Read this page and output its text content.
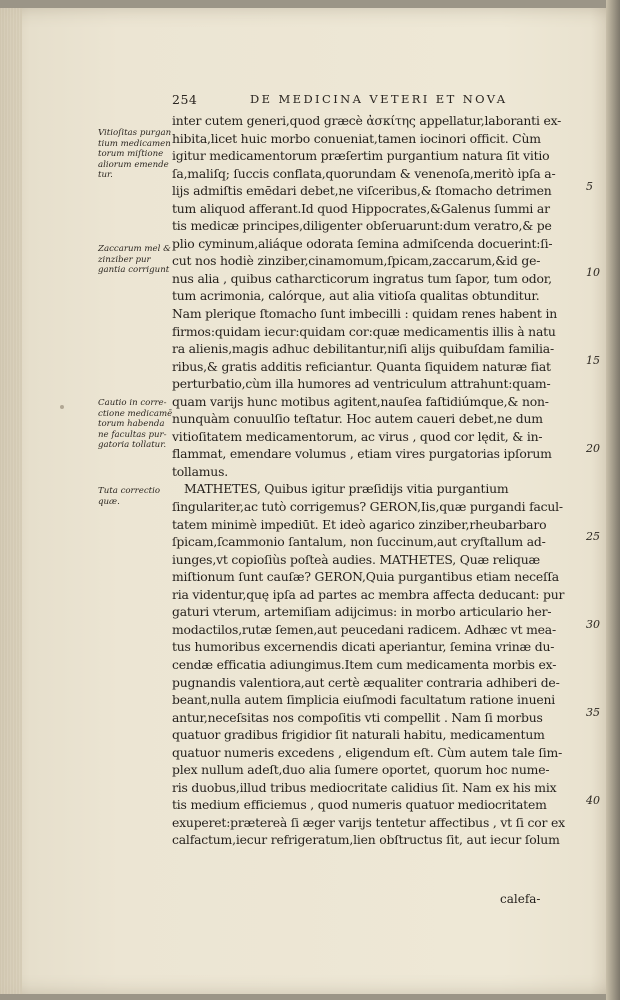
254	DE MEDICINA VETERI ET NOVA
inter cutem generi,quod græcè ἀσκίτης appellatur,laboranti ex-
hibita,licet huic morbo conueniat,tamen iocinori officit. Cùm
igitur medicamentorum præſertim purgantium natura ſit vitio
ſa,maliſq; ſuccis conflata,quorundam & venenoſa,meritò ipſa a-
lijs admiſtis emēdari debet,ne viſceribus,& ſtomacho detrimen
tum aliquod afferant.Id quod Hippocrates,&Galenus ſummi ar
tis medicæ principes,diligenter obſeruarunt:dum veratro,& pe
plio cyminum,aliáque odorata ſemina admiſcenda docuerint:ſi-
cut nos hodiè zinziber,cinamomum,ſpicam,zaccarum,&id ge-
nus alia , quibus catharcticorum ingratus tum ſapor, tum odor,
tum acrimonia, calórque, aut alia vitioſa qualitas obtunditur.
Nam plerique ſtomacho ſunt imbecilli : quidam renes habent in
firmos:quidam iecur:quidam cor:quæ medicamentis illis à natu
ra alienis,magis adhuc debilitantur,niſi alijs quibuſdam familia-
ribus,& gratis additis reficiantur. Quanta ſiquidem naturæ fiat
perturbatio,cùm illa humores ad ventriculum attrahunt:quam-
quam varijs hunc motibus agitent,nauſea faſtidiúmque,& non-
nunquàm conuulſio teſtatur. Hoc autem caueri debet,ne dum
vitioſitatem medicamentorum, ac virus , quod cor lędit, & in-
flammat, emendare volumus , etiam vires purgatorias ipſorum
tollamus.
MATHETES, Quibus igitur præſidijs vitia purgantium
ſingulariter,ac tutò corrigemus? GERON,Iis,quæ purgandi facul-
tatem minimè impediūt. Et ideò agarico zinziber,rheubarbaro
ſpicam,ſcammonio ſantalum, non ſuccinum,aut cryſtallum ad-
iunges,vt copioſiùs poſteà audies. MATHETES, Quæ reliquæ
miſtionum ſunt cauſæ? GERON,Quia purgantibus etiam neceſſa
ria videntur,quę ipſa ad partes ac membra affecta deducant: pur
gaturi vterum, artemiſiam adijcimus: in morbo articulario her-
modactilos,rutæ ſemen,aut peucedani radicem. Adhæc vt mea-
tus humoribus excernendis dicati aperiantur, ſemina vrinæ du-
cendæ efficatia adiungimus.Item cum medicamenta morbis ex-
pugnandis valentiora,aut certè æqualiter contraria adhiberi de-
beant,nulla autem ſimplicia eiuſmodi facultatum ratione inueni
antur,neceſsitas nos compoſitis vti compellit . Nam ſi morbus
quatuor gradibus frigidior ſit naturali habitu, medicamentum
quatuor numeris excedens , eligendum eſt. Cùm autem tale ſim-
plex nullum adeſt,duo alia ſumere oportet, quorum hoc nume-
ris duobus,illud tribus mediocritate calidius ſit. Nam ex his mix
tis medium efficiemus , quod numeris quatuor mediocritatem
exuperet:prætereà ſi æger varijs tentetur affectibus , vt ſi cor ex
calfactum,iecur refrigeratum,lien obſtructus ſit, aut iecur ſolum
Vitioſitas purgan tium medicamen torum miſtione aliorum emende tur.
Zaccarum mel & zinziber pur gantia corrigunt
Cautio in corre- ctione medicamē torum habenda ne facultas pur- gatoria tollatur.
Tuta correctio quæ.
5
10
15
20
25
30
35
40
calefa-
